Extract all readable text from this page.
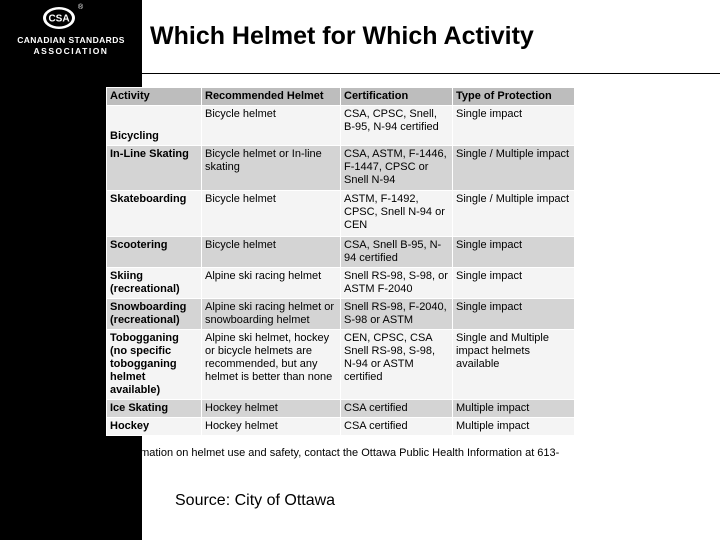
CSA
®
CANADIAN STANDARDS
ASSOCIATION
Which Helmet for Which Activity
Activity	Recommended Helmet	Certification	Type of Protection
Bicycling	Bicycle helmet	CSA, CPSC, Snell, B-95, N-94 certified	Single impact
In-Line Skating	Bicycle helmet or In-line skating	CSA, ASTM, F-1446, F-1447, CPSC or Snell N-94	Single / Multiple impact
Skateboarding	Bicycle helmet	ASTM, F-1492, CPSC, Snell N-94 or CEN	Single / Multiple impact
Scootering	Bicycle helmet	CSA, Snell B-95, N-94 certified	Single impact
Skiing (recreational)	Alpine ski racing helmet	Snell RS-98, S-98, or ASTM F-2040	Single impact
Snowboarding (recreational)	Alpine ski racing helmet or snowboarding helmet	Snell RS-98, F-2040, S-98 or ASTM	Single impact
Tobogganing (no specific tobogganing helmet available)	Alpine ski helmet, hockey or bicycle helmets are recommended, but any helmet is better than none	CEN, CPSC, CSA Snell RS-98, S-98, N-94 or ASTM certified	Single and Multiple impact helmets available
Ice Skating	Hockey helmet	CSA certified	Multiple impact
Hockey	Hockey helmet	CSA certified	Multiple impact
For more information on helmet use and safety, contact the Ottawa Public Health Information at 613-580-6744
Source: City of Ottawa
24
